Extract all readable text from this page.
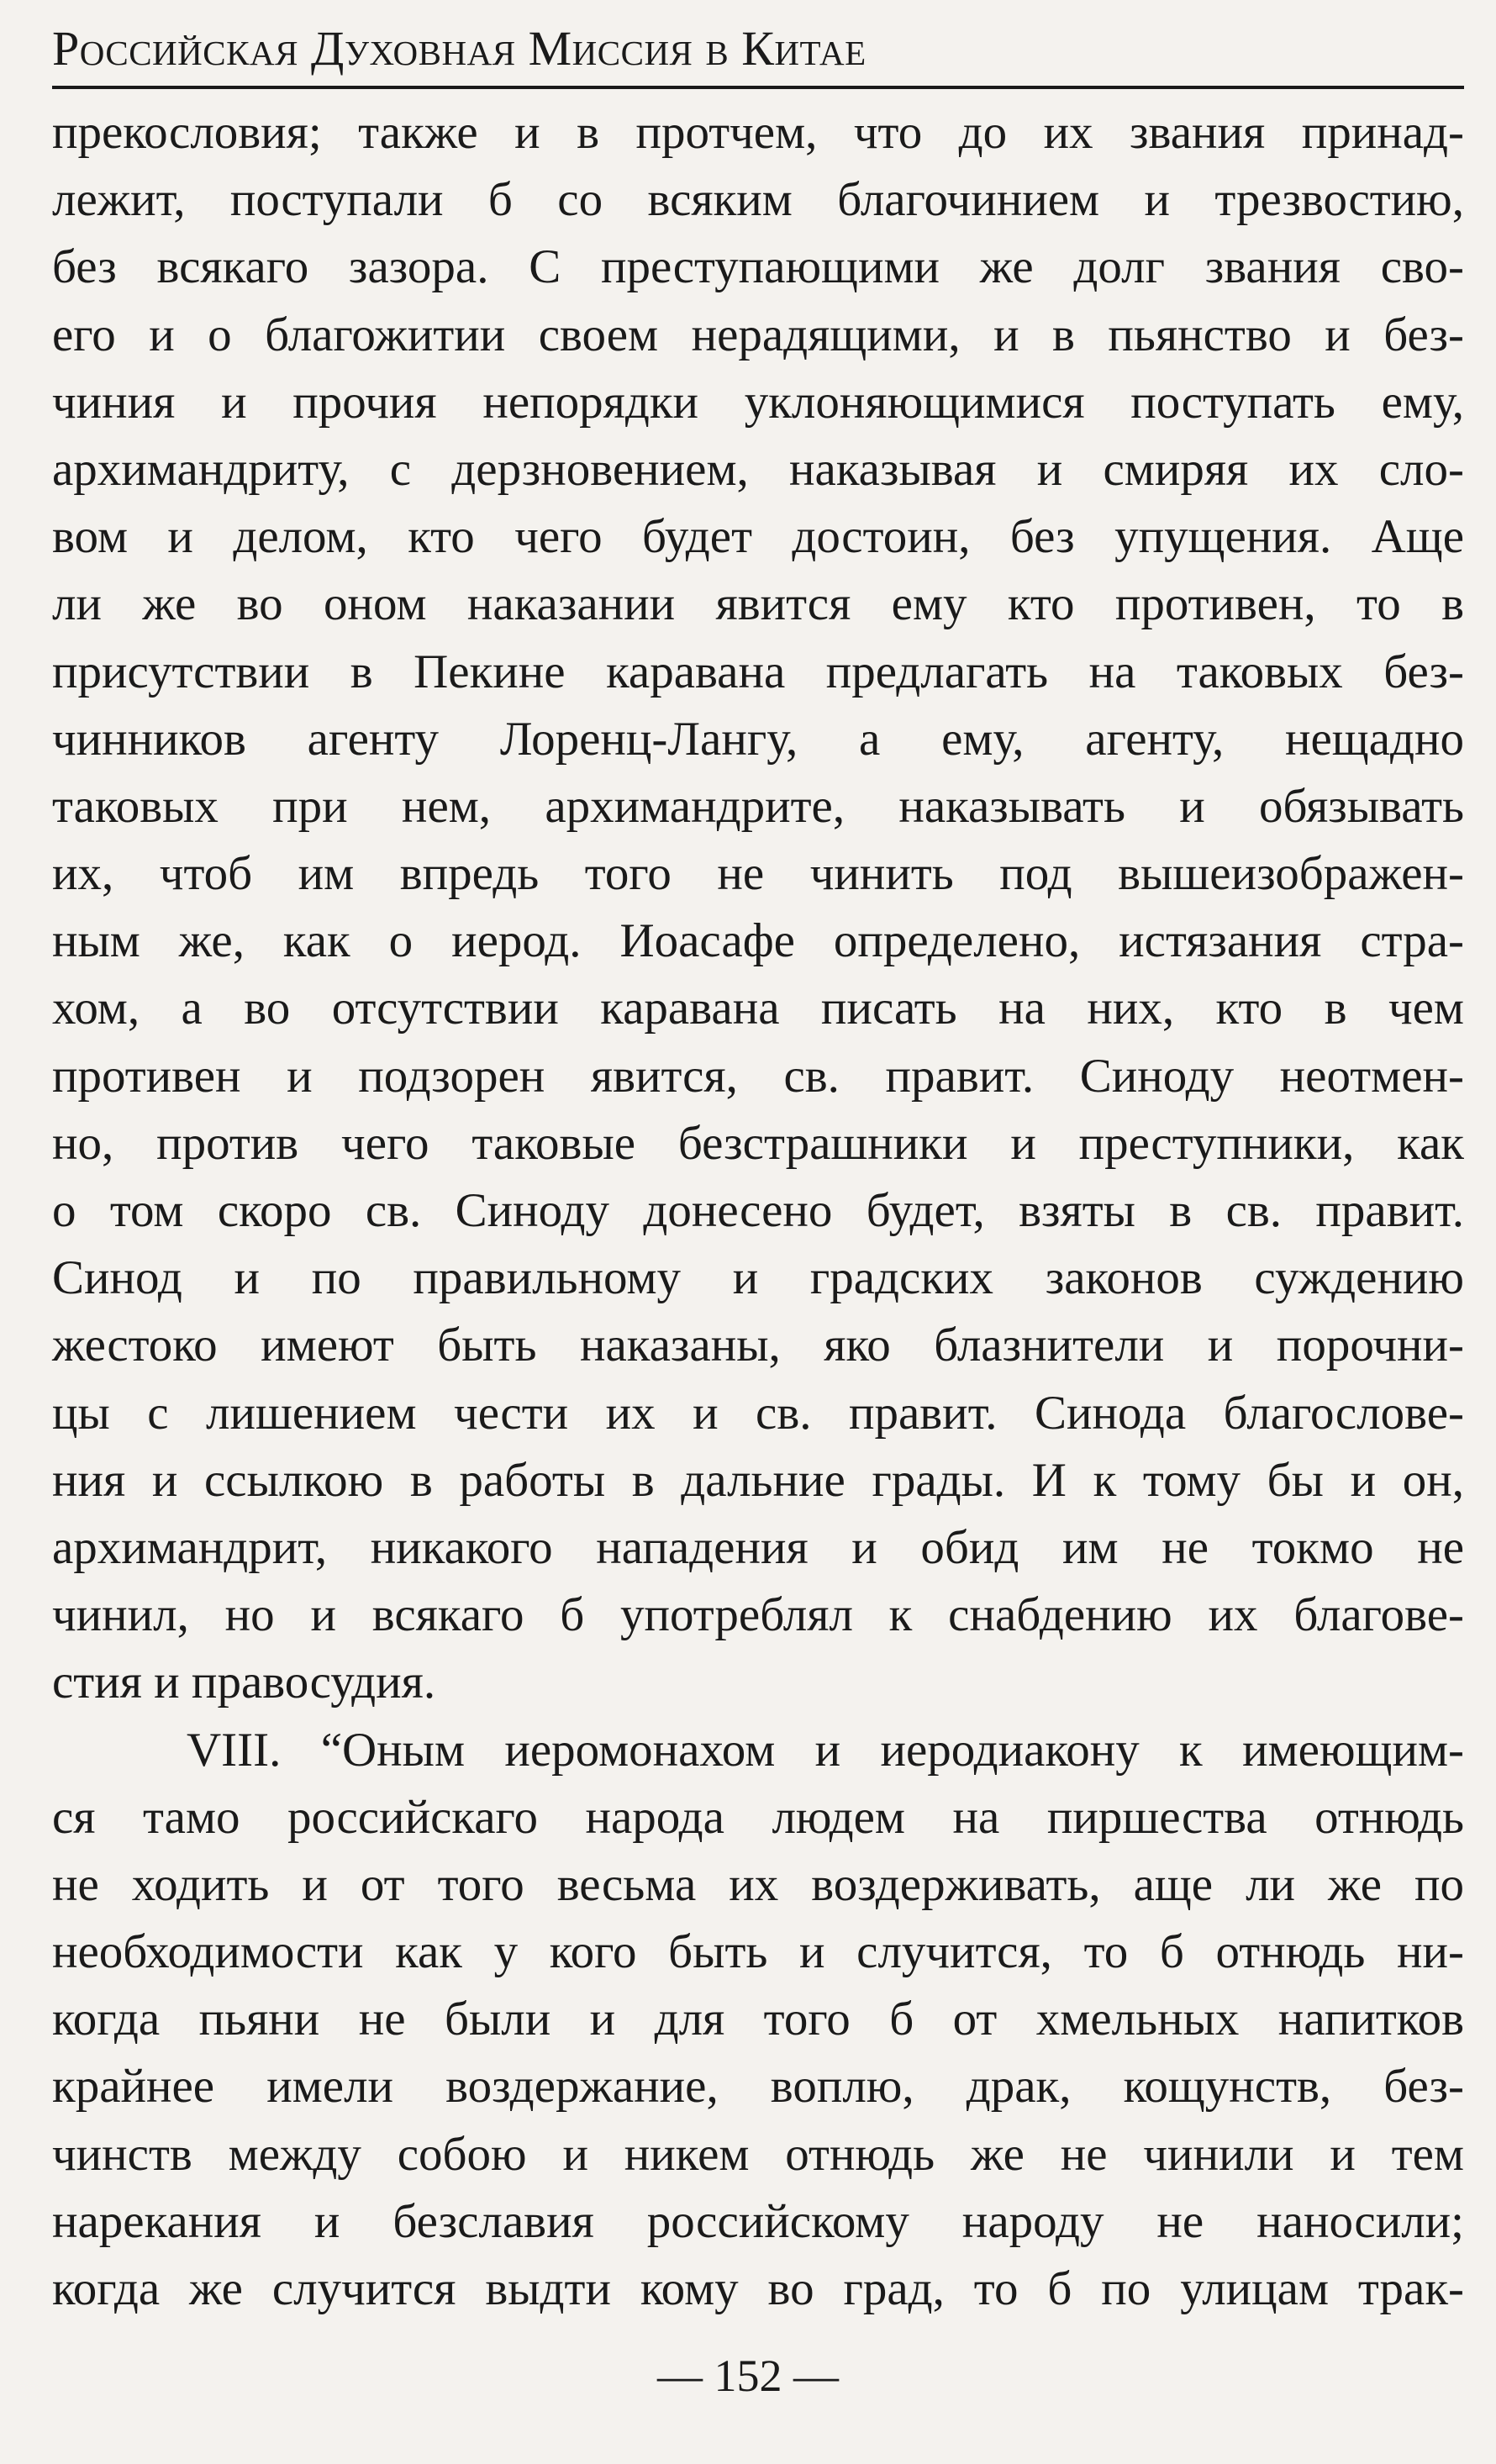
Российская Духовная Миссия в Китае
прекословия; также и в протчем, что до их звания принад-
лежит, поступали б со всяким благочинием и трезвостию,
без всякаго зазора. С преступающими же долг звания сво-
его и о благожитии своем нерадящими, и в пьянство и без-
чиния и прочия непорядки уклоняющимися поступать ему,
архимандриту, с дерзновением, наказывая и смиряя их сло-
вом и делом, кто чего будет достоин, без упущения. Аще
ли же во оном наказании явится ему кто противен, то в
присутствии в Пекине каравана предлагать на таковых без-
чинников агенту Лоренц-Лангу, а ему, агенту, нещадно
таковых при нем, архимандрите, наказывать и обязывать
их, чтоб им впредь того не чинить под вышеизображен-
ным же, как о иерод. Иоасафе определено, истязания стра-
хом, а во отсутствии каравана писать на них, кто в чем
противен и подзорен явится, св. правит. Синоду неотмен-
но, против чего таковые безстрашники и преступники, как
о том скоро св. Синоду донесено будет, взяты в св. правит.
Синод и по правильному и градских законов суждению
жестоко имеют быть наказаны, яко блазнители и порочни-
цы с лишением чести их и св. правит. Синода благослове-
ния и ссылкою в работы в дальние грады. И к тому бы и он,
архимандрит, никакого нападения и обид им не токмо не
чинил, но и всякаго б употреблял к снабдению их благове-
стия и правосудия.
VIII. “Оным иеромонахом и иеродиакону к имеющим-
ся тамо российскаго народа людем на пиршества отнюдь
не ходить и от того весьма их воздерживать, аще ли же по
необходимости как у кого быть и случится, то б отнюдь ни-
когда пьяни не были и для того б от хмельных напитков
крайнее имели воздержание, воплю, драк, кощунств, без-
чинств между собою и никем отнюдь же не чинили и тем
нарекания и безславия российскому народу не наносили;
когда же случится выдти кому во град, то б по улицам трак-
— 152 —
